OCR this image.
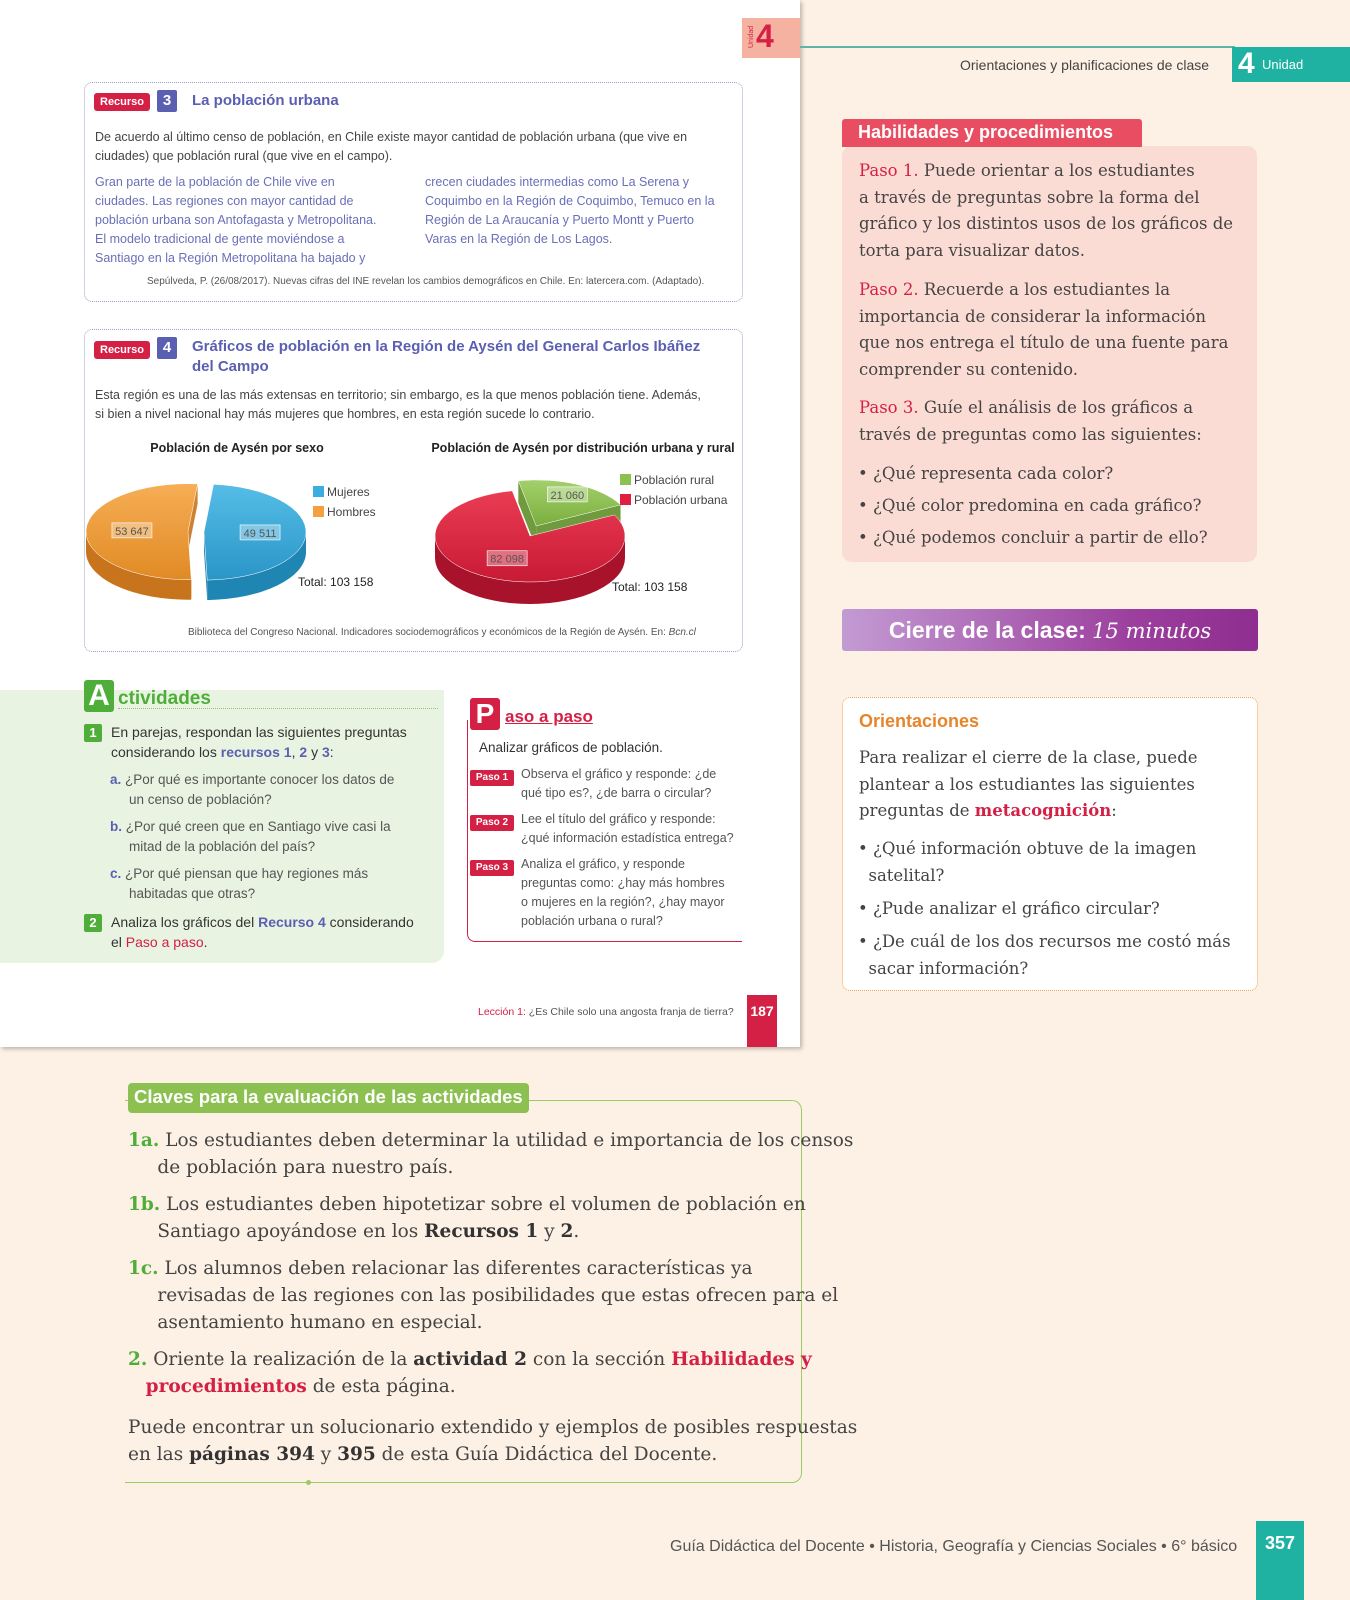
Unidad 4
Recurso	3	La población urbana
De acuerdo al último censo de población, en Chile existe mayor cantidad de población urbana (que vive en
ciudades) que población rural (que vive en el campo).
Gran parte de la población de Chile vive en
ciudades. Las regiones con mayor cantidad de
población urbana son Antofagasta y Metropolitana.
El modelo tradicional de gente moviéndose a
Santiago en la Región Metropolitana ha bajado y
crecen ciudades intermedias como La Serena y
Coquimbo en la Región de Coquimbo, Temuco en la
Región de La Araucanía y Puerto Montt y Puerto
Varas en la Región de Los Lagos.
Sepúlveda, P. (26/08/2017). Nuevas cifras del INE revelan los cambios demográficos en Chile. En: latercera.com. (Adaptado).
Recurso	4	Gráficos de población en la Región de Aysén del General Carlos Ibáñez
del Campo
Esta región es una de las más extensas en territorio; sin embargo, es la que menos población tiene. Además,
si bien a nivel nacional hay más mujeres que hombres, en esta región sucede lo contrario.
Población de Aysén por sexo
49 511
53 647
Mujeres
Hombres
Total: 103 158
Población de Aysén por distribución urbana y rural
21 060
82 098
Población rural
Población urbana
Total: 103 158
Biblioteca del Congreso Nacional. Indicadores sociodemográficos y económicos de la Región de Aysén. En: Bcn.cl
A ctividades
1	En parejas, respondan las siguientes preguntas
considerando los recursos 1, 2 y 3:
a. ¿Por qué es importante conocer los datos de
un censo de población?
b. ¿Por qué creen que en Santiago vive casi la
mitad de la población del país?
c. ¿Por qué piensan que hay regiones más
habitadas que otras?
2	Analiza los gráficos del Recurso 4 considerando
el Paso a paso.
P aso a paso
Analizar gráficos de población.
Paso 1	Observa el gráfico y responde: ¿de
qué tipo es?, ¿de barra o circular?
Paso 2	Lee el título del gráfico y responde:
¿qué información estadística entrega?
Paso 3	Analiza el gráfico, y responde
preguntas como: ¿hay más hombres
o mujeres en la región?, ¿hay mayor
población urbana o rural?
Lección 1: ¿Es Chile solo una angosta franja de tierra? 187
Orientaciones y planificaciones de clase 4 Unidad
Habilidades y procedimientos
Paso 1. Puede orientar a los estudiantes
a través de preguntas sobre la forma del
gráfico y los distintos usos de los gráficos de
torta para visualizar datos.
Paso 2. Recuerde a los estudiantes la
importancia de considerar la información
que nos entrega el título de una fuente para
comprender su contenido.
Paso 3. Guíe el análisis de los gráficos a
través de preguntas como las siguientes:
• ¿Qué representa cada color?
• ¿Qué color predomina en cada gráfico?
• ¿Qué podemos concluir a partir de ello?
Cierre de la clase: 15 minutos
Orientaciones
Para realizar el cierre de la clase, puede
plantear a los estudiantes las siguientes
preguntas de metacognición:
• ¿Qué información obtuve de la imagen
satelital?
• ¿Pude analizar el gráfico circular?
• ¿De cuál de los dos recursos me costó más
sacar información?
Claves para la evaluación de las actividades
1a. Los estudiantes deben determinar la utilidad e importancia de los censos
de población para nuestro país.
1b. Los estudiantes deben hipotetizar sobre el volumen de población en
Santiago apoyándose en los Recursos 1 y 2.
1c. Los alumnos deben relacionar las diferentes características ya
revisadas de las regiones con las posibilidades que estas ofrecen para el
asentamiento humano en especial.
2. Oriente la realización de la actividad 2 con la sección Habilidades y
procedimientos de esta página.
Puede encontrar un solucionario extendido y ejemplos de posibles respuestas
en las páginas 394 y 395 de esta Guía Didáctica del Docente.
Guía Didáctica del Docente • Historia, Geografía y Ciencias Sociales • 6° básico	357
